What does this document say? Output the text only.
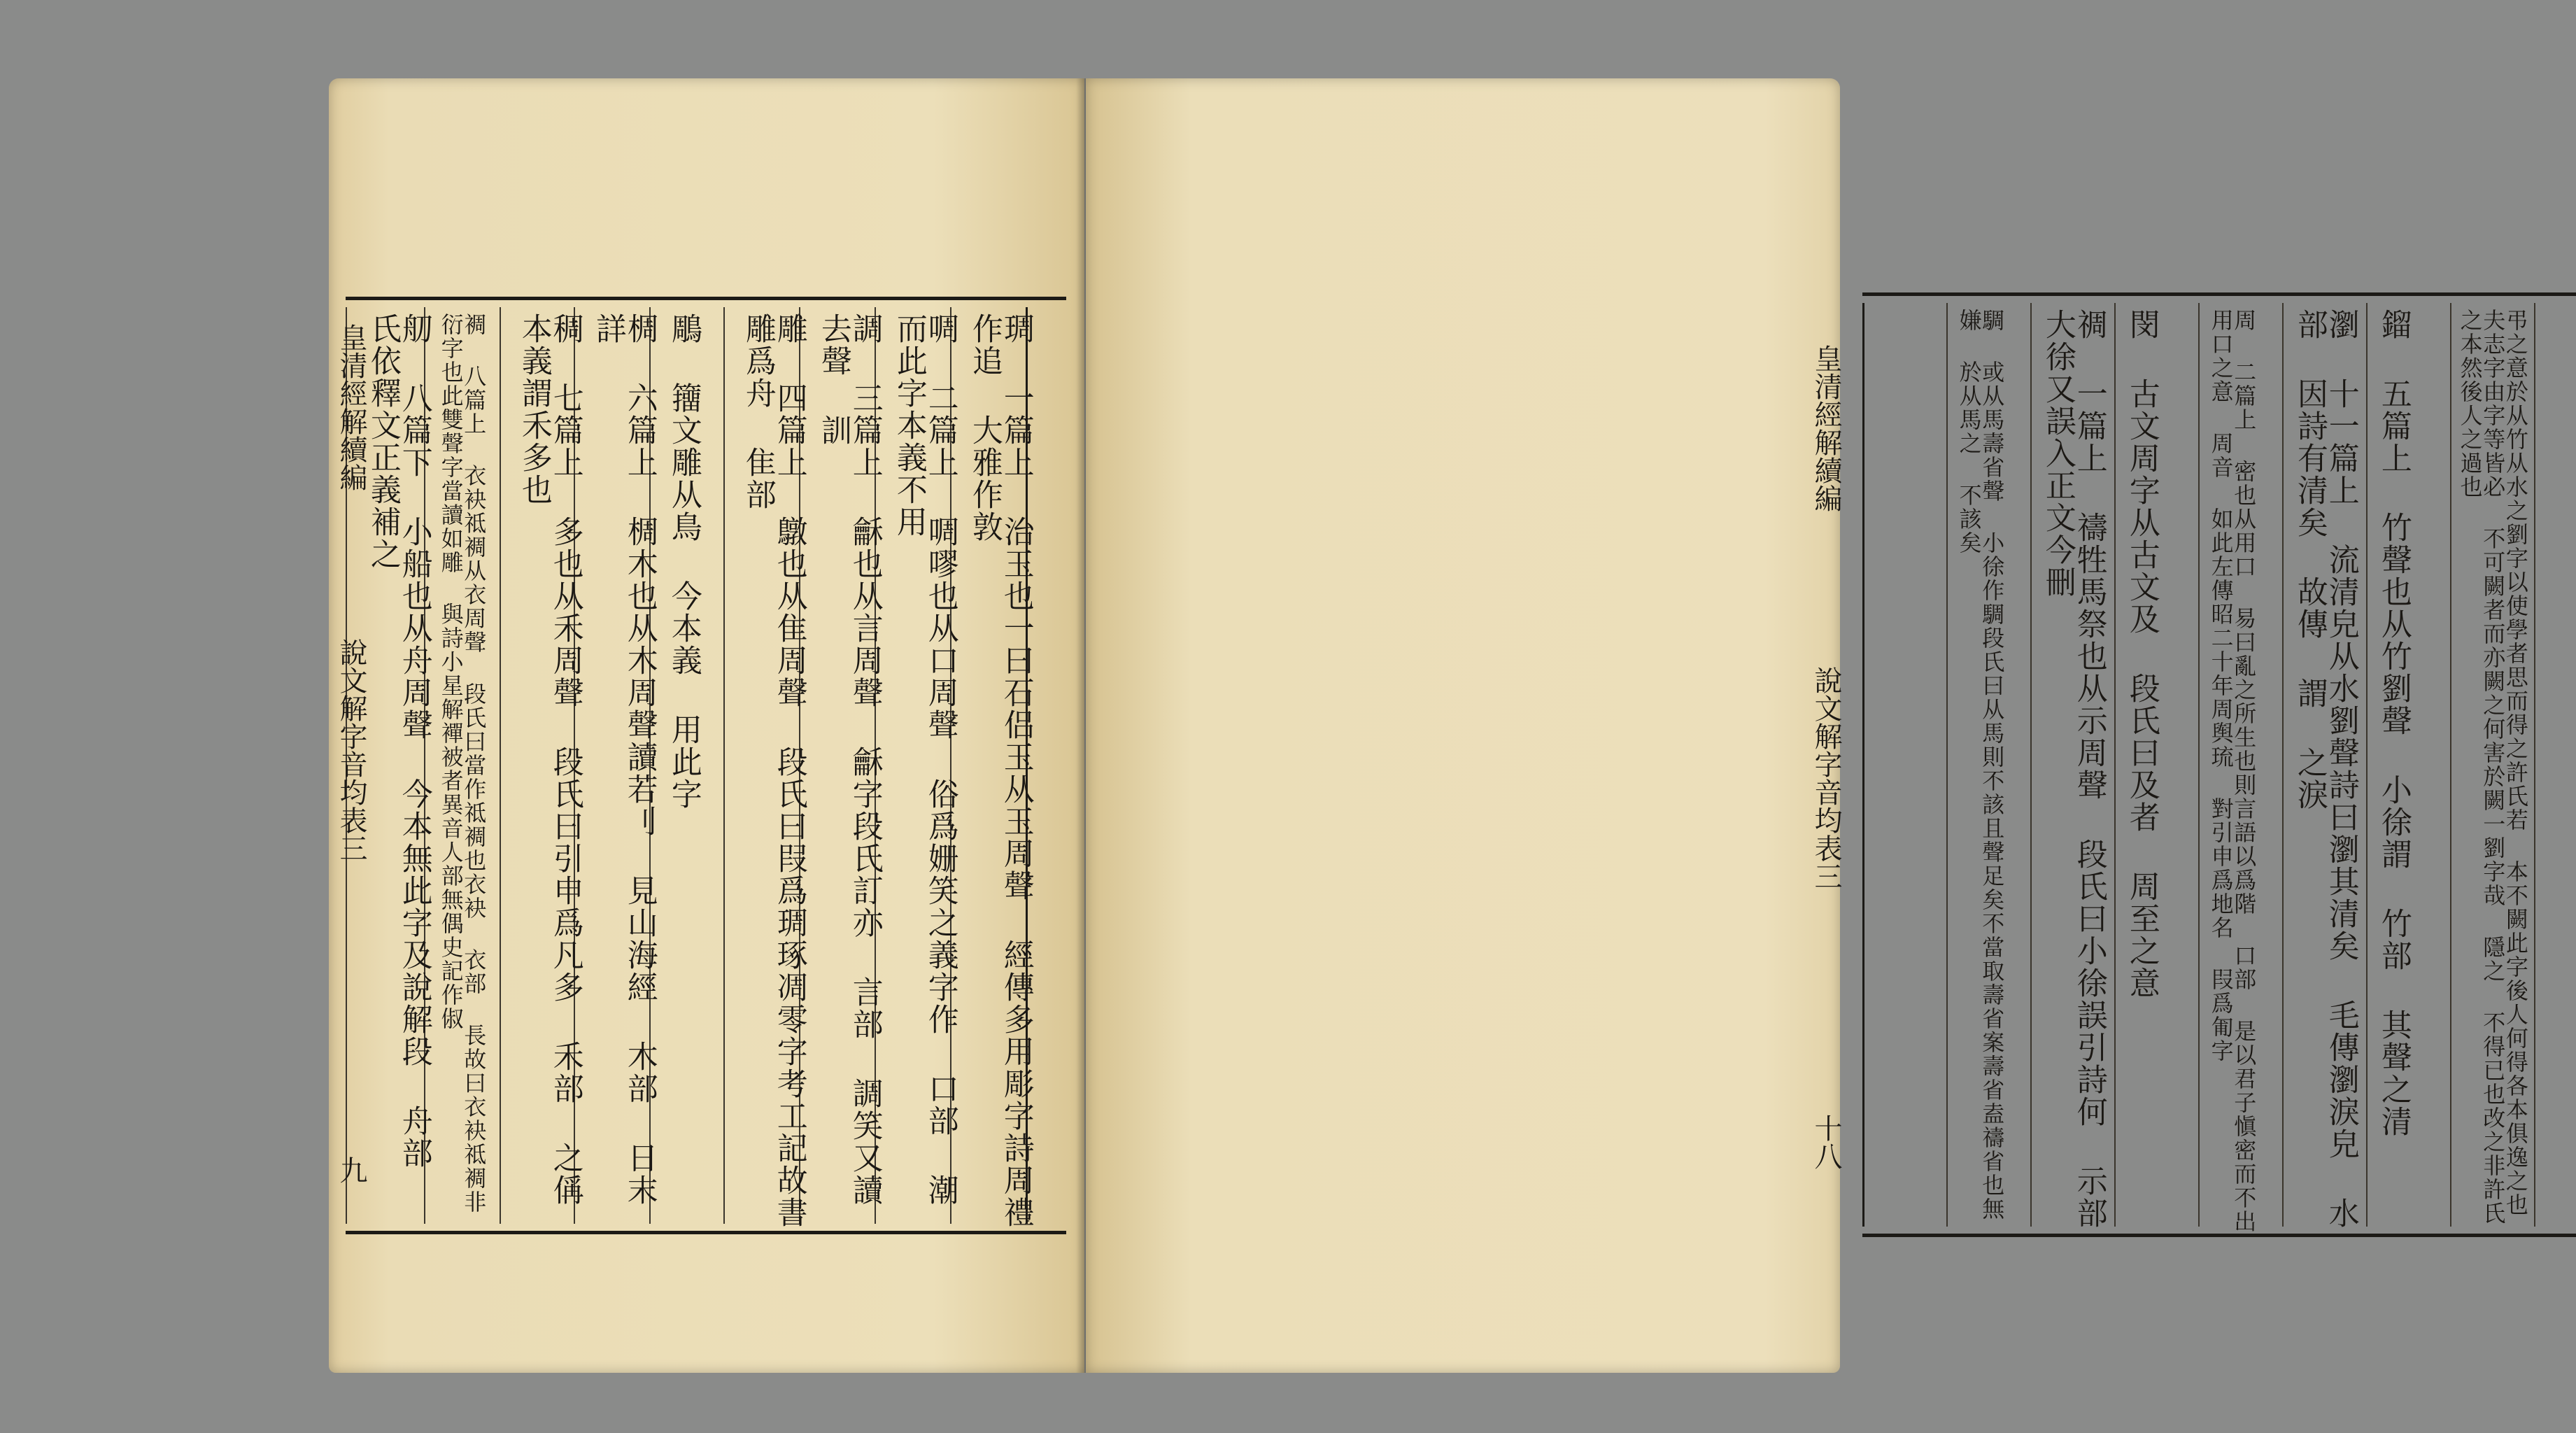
琱 一篇上 治玉也一曰石侣玉从玉周聲 經傳多用彫字詩周禮作追 大雅作敦
啁 二篇上 啁嘐也从口周聲 俗爲姗笑之義字作 口部 潮而此字本義不用
調 三篇上 龢也从言周聲 龢字段氏訂亦 言部 調笑又讀去聲 訓
雕 四篇上 鷻也从隹周聲 段氏曰叚爲琱琢凋零字考工記故書雕爲舟 隹部
鵰 籒文雕从鳥 今本義 用此字
椆 六篇上 椆木也从木周聲讀若刂 見山海經 木部 日末詳
稠 七篇上 多也从禾周聲 段氏曰引申爲凡多 禾部 之偁本義謂禾多也
裯 八篇上 衣袂祗裯从衣周聲 段氏曰當作祗裯也衣袂 衣部 長故曰衣袂祗裯非衍字也此雙聲字當讀如雕 與詩小星解襌被者異音人部無偶史記作俶
舠 八篇下 小船也从舟周聲 今本無此字及說解段 舟部 氏依釋文正義補之
皇清經解續編
說文解字音均表三
九	弔之意於从竹从水之劉字以使學者思而得之許氏若 本不闕此字後人何得各本俱逸之也夫志字由字等皆必 不可闕者而亦闕之何害於闕一劉字哉 隱之 不得已也改之非許氏之本然後人之過也
鎦 五篇上 竹聲也从竹劉聲 小徐謂 竹部 其聲之清
瀏 十一篇上 流清皃从水劉聲詩曰瀏其清矣 毛傳瀏淚皃 水部 因詩有清矣 故傳 謂 之淚
周 二篇上 密也从用口 易曰亂之所生也則言語以爲階 口部 是以君子愼密而不出用口之意 周音 如此左傳昭二十年周舆琉 對引申爲地名 叚爲匍字
閔 古文周字从古文及 段氏曰及者 周至之意
禂 一篇上 禱牲馬祭也从示周聲 段氏曰小徐誤引詩何 示部 大徐又誤入正文今刪
騆 或从馬壽省聲 小徐作騆段氏曰从馬則不該且聲足矣不當取壽省案壽省盍禱省也無嫌 於从馬之 不該矣
皇清經解續編
說文解字音均表三
十八
